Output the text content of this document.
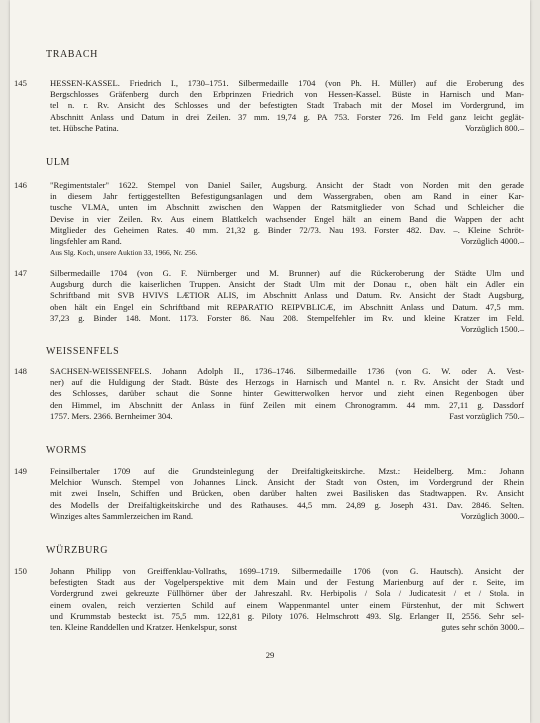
TRABACH
145	HESSEN-KASSEL. Friedrich I., 1730–1751. Silbermedaille 1704 (von Ph. H. Müller) auf die Eroberung des
Bergschlosses Gräfenberg durch den Erbprinzen Friedrich von Hessen-Kassel. Büste in Harnisch und Man-
tel n. r. Rv. Ansicht des Schlosses und der befestigten Stadt Trabach mit der Mosel im Vordergrund, im
Abschnitt Anlass und Datum in drei Zeilen. 37 mm. 19,74 g. PA 753. Forster 726. Im Feld ganz leicht geglät-
tet. Hübsche Patina.	Vorzüglich 800.–
ULM
146	"Regimentstaler" 1622. Stempel von Daniel Sailer, Augsburg. Ansicht der Stadt von Norden mit den gerade
in diesem Jahr fertiggestellten Befestigungsanlagen und dem Wassergraben, oben am Rand in einer Kar-
tusche VLMA, unten im Abschnitt zwischen den Wappen der Ratsmitglieder von Schad und Schleicher die
Devise in vier Zeilen. Rv. Aus einem Blattkelch wachsender Engel hält an einem Band die Wappen der acht
Mitglieder des Geheimen Rates. 40 mm. 21,32 g. Binder 72/73. Nau 193. Forster 482. Dav. –. Kleine Schröt-
lingsfehler am Rand.	Vorzüglich 4000.–
Aus Slg. Koch, unsere Auktion 33, 1966, Nr. 256.
147	Silbermedaille 1704 (von G. F. Nürnberger und M. Brunner) auf die Rückeroberung der Städte Ulm und
Augsburg durch die kaiserlichen Truppen. Ansicht der Stadt Ulm mit der Donau r., oben hält ein Adler ein
Schriftband mit SVB HVIVS LÆTIOR ALIS, im Abschnitt Anlass und Datum. Rv. Ansicht der Stadt Augsburg,
oben hält ein Engel ein Schriftband mit REPARATIO REIPVBLICÆ, im Abschnitt Anlass und Datum. 47,5 mm.
37,23 g. Binder 148. Mont. 1173. Forster 86. Nau 208. Stempelfehler im Rv. und kleine Kratzer im Feld.
Vorzüglich 1500.–
WEISSENFELS
148	SACHSEN-WEISSENFELS. Johann Adolph II., 1736–1746. Silbermedaille 1736 (von G. W. oder A. Vest-
ner) auf die Huldigung der Stadt. Büste des Herzogs in Harnisch und Mantel n. r. Rv. Ansicht der Stadt und
des Schlosses, darüber schaut die Sonne hinter Gewitterwolken hervor und zieht einen Regenbogen über
den Himmel, im Abschnitt der Anlass in fünf Zeilen mit einem Chronogramm. 44 mm. 27,11 g. Dassdorf
1757. Mers. 2366. Bernheimer 304.	Fast vorzüglich 750.–
WORMS
149	Feinsilbertaler 1709 auf die Grundsteinlegung der Dreifaltigkeitskirche. Mzst.: Heidelberg. Mm.: Johann
Melchior Wunsch. Stempel von Johannes Linck. Ansicht der Stadt von Osten, im Vordergrund der Rhein
mit zwei Inseln, Schiffen und Brücken, oben darüber halten zwei Basilisken das Stadtwappen. Rv. Ansicht
des Modells der Dreifaltigkeitskirche und des Rathauses. 44,5 mm. 24,89 g. Joseph 431. Dav. 2846. Selten.
Winziges altes Sammlerzeichen im Rand.	Vorzüglich 3000.–
WÜRZBURG
150	Johann Philipp von Greiffenklau-Vollraths, 1699–1719. Silbermedaille 1706 (von G. Hautsch). Ansicht der
befestigten Stadt aus der Vogelperspektive mit dem Main und der Festung Marienburg auf der r. Seite, im
Vordergrund zwei gekreuzte Füllhörner über der Jahreszahl. Rv. Herbipolis / Sola / Judicatesit / et / Stola. in
einem ovalen, reich verzierten Schild auf einem Wappenmantel unter einem Fürstenhut, der mit Schwert
und Krummstab besteckt ist. 75,5 mm. 122,81 g. Piloty 1076. Helmschrott 493. Slg. Erlanger II, 2556. Sehr sel-
ten. Kleine Randdellen und Kratzer. Henkelspur, sonst	gutes sehr schön 3000.–
29
